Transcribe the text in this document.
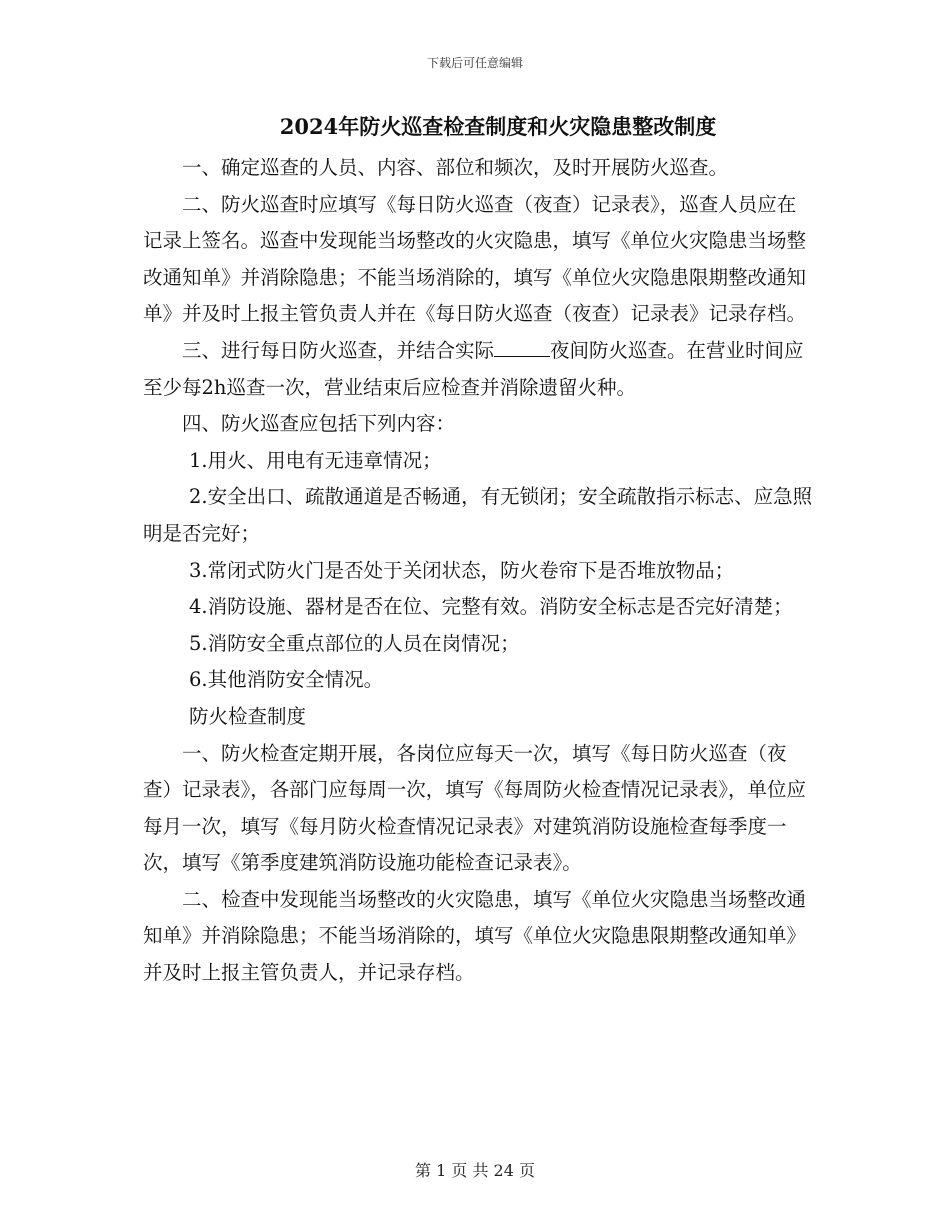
下载后可任意编辑
2024年防火巡查检查制度和火灾隐患整改制度

一、确定巡查的人员、内容、部位和频次，及时开展防火巡查。

二、防火巡查时应填写《每日防火巡查（夜查）记录表》，巡查人员应在记录上签名。巡查中发现能当场整改的火灾隐患，填写《单位火灾隐患当场整改通知单》并消除隐患；不能当场消除的，填写《单位火灾隐患限期整改通知单》并及时上报主管负责人并在《每日防火巡查（夜查）记录表》记录存档。

三、进行每日防火巡查，并结合实际	夜间防火巡查。在营业时间应至少每2h巡查一次，营业结束后应检查并消除遗留火种。

四、防火巡查应包括下列内容：

1.用火、用电有无违章情况；

2.安全出口、疏散通道是否畅通，有无锁闭；安全疏散指示标志、应急照明是否完好；

3.常闭式防火门是否处于关闭状态，防火卷帘下是否堆放物品；

4.消防设施、器材是否在位、完整有效。消防安全标志是否完好清楚；

5.消防安全重点部位的人员在岗情况；

6.其他消防安全情况。

防火检查制度

一、防火检查定期开展，各岗位应每天一次，填写《每日防火巡查（夜查）记录表》，各部门应每周一次，填写《每周防火检查情况记录表》，单位应每月一次，填写《每月防火检查情况记录表》对建筑消防设施检查每季度一次，填写《第季度建筑消防设施功能检查记录表》。

二、检查中发现能当场整改的火灾隐患，填写《单位火灾隐患当场整改通知单》并消除隐患；不能当场消除的，填写《单位火灾隐患限期整改通知单》并及时上报主管负责人，并记录存档。

第 1 页 共 24 页
